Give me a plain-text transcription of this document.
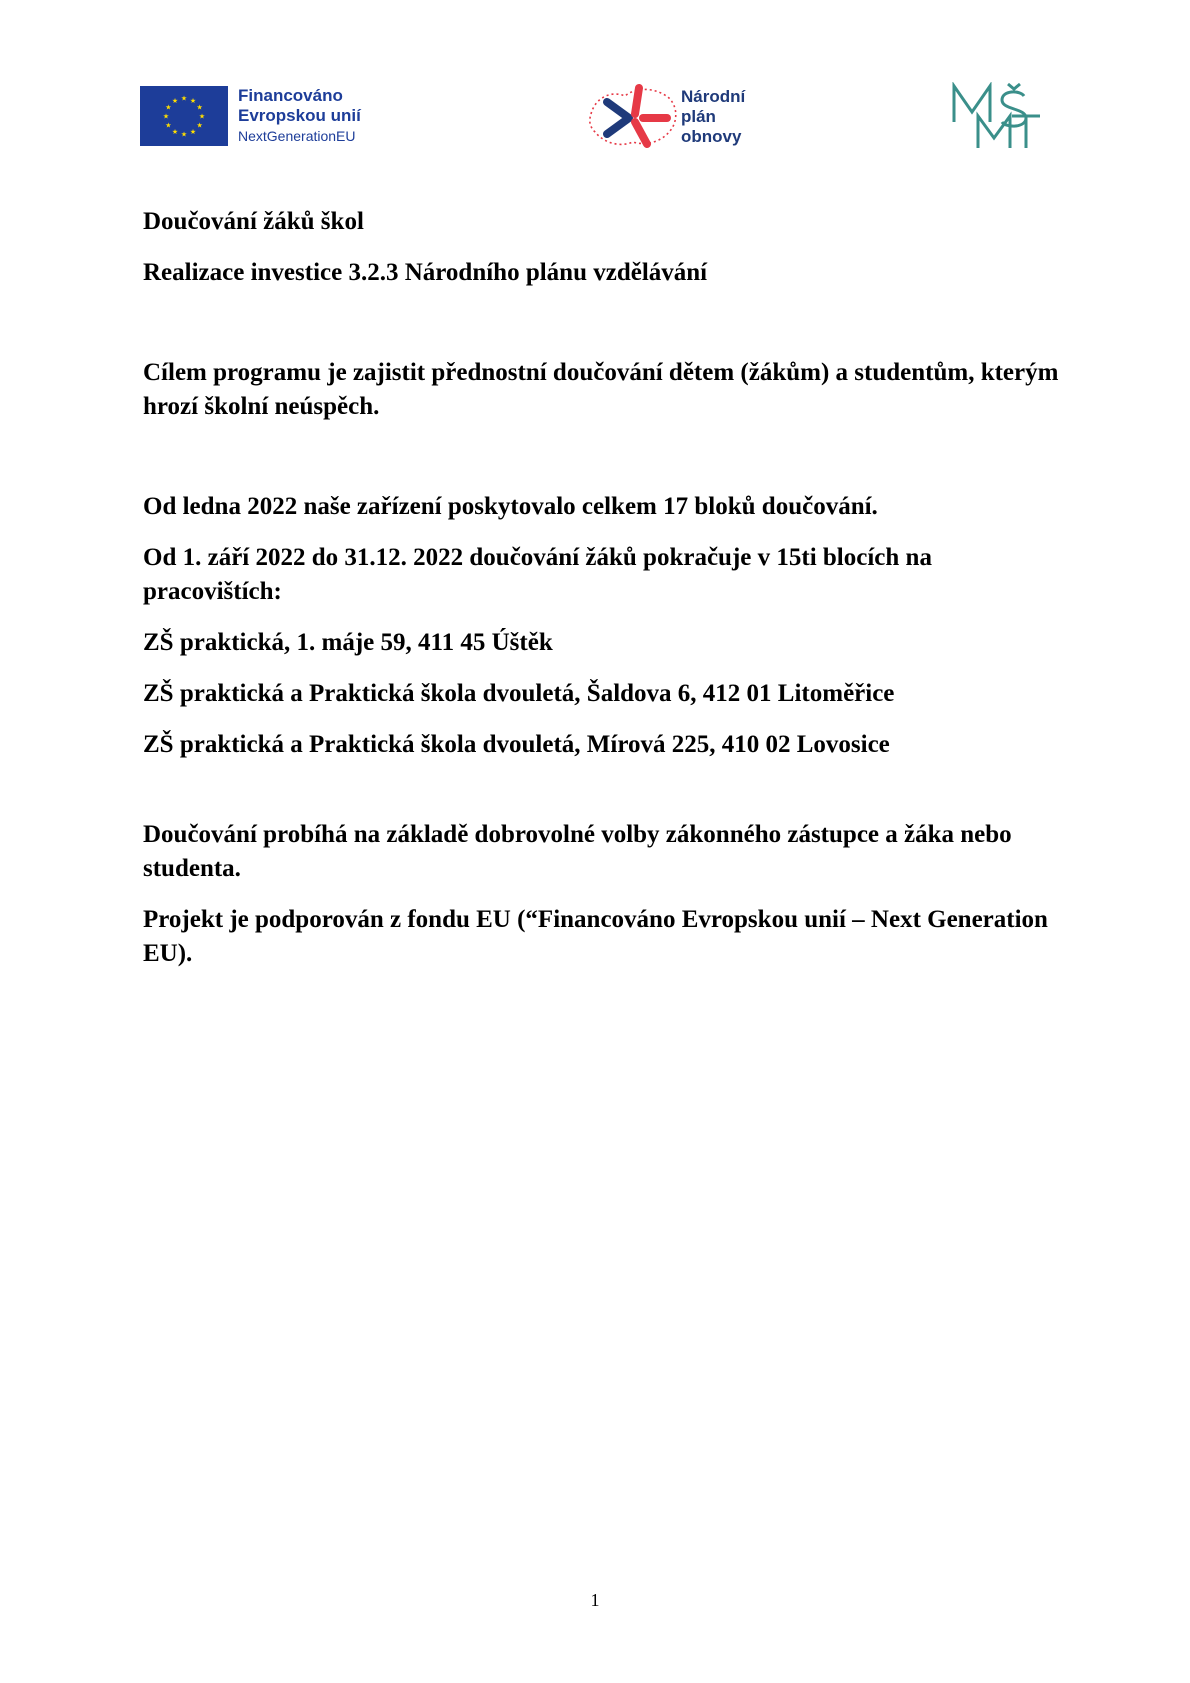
★ ★
★
★
★
★
★
★
★
★
★
★	Financováno
Evropskou unií
NextGenerationEU
Národní
plán
obnovy

Doučování žáků škol

Realizace investice 3.2.3 Národního plánu vzdělávání

Cílem programu je zajistit přednostní doučování dětem (žákům) a studentům, kterým hrozí školní neúspěch.

Od ledna 2022 naše zařízení poskytovalo celkem 17 bloků doučování.

Od 1. září 2022 do 31.12. 2022 doučování žáků pokračuje v 15ti blocích na pracovištích:

ZŠ praktická, 1. máje 59, 411 45 Úštěk

ZŠ praktická a Praktická škola dvouletá, Šaldova 6, 412 01 Litoměřice

ZŠ praktická a Praktická škola dvouletá, Mírová 225, 410 02 Lovosice

Doučování probíhá na základě dobrovolné volby zákonného zástupce a žáka nebo studenta.

Projekt je podporován z fondu EU (“Financováno Evropskou unií – Next Generation EU).

1
